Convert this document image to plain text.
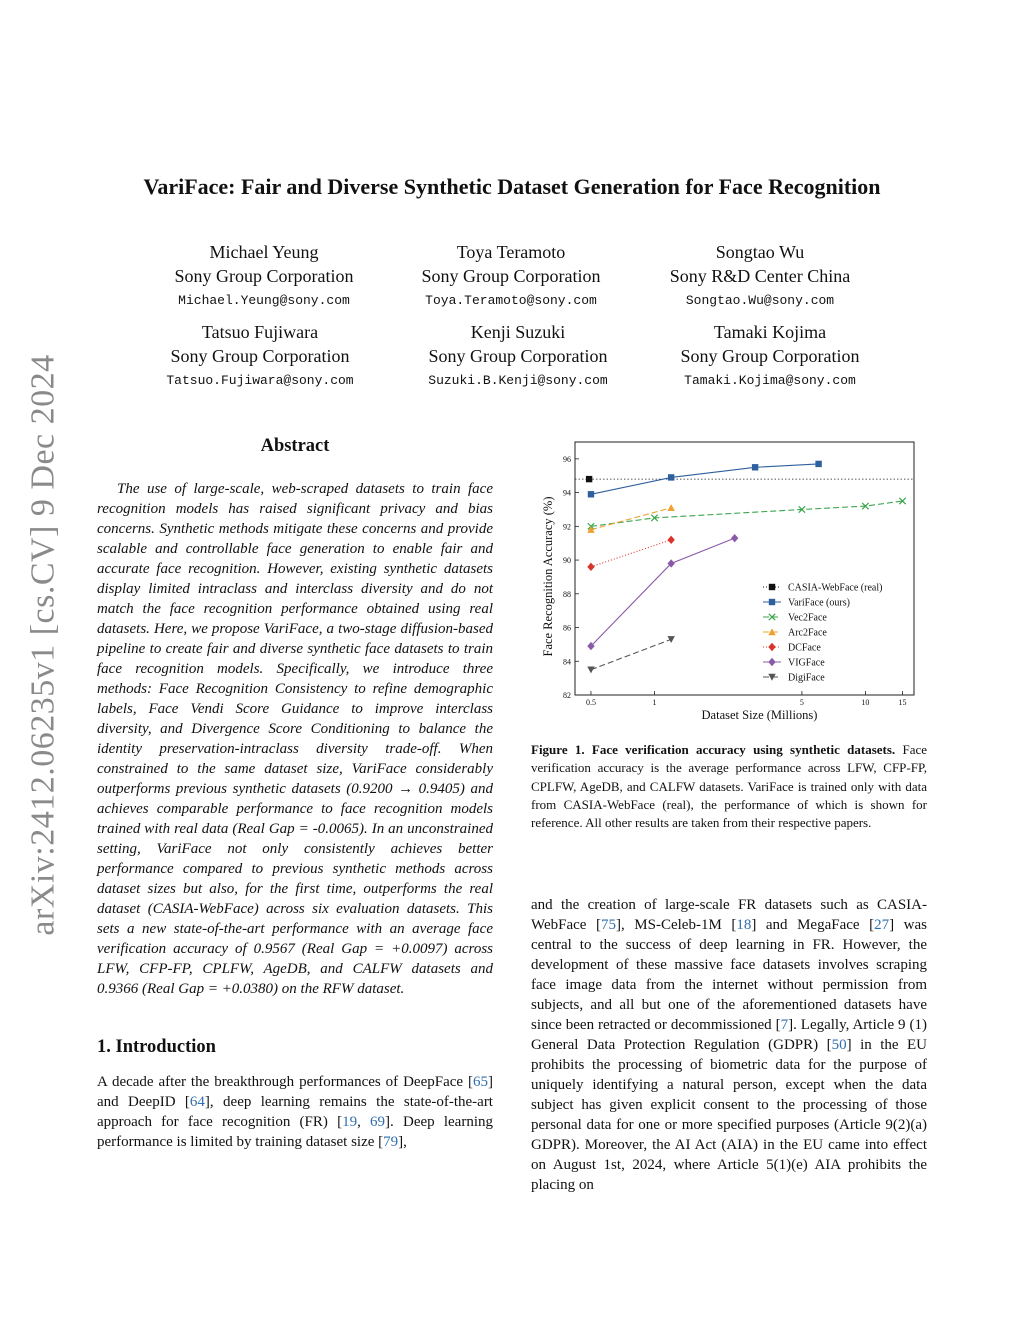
arXiv:2412.06235v1 [cs.CV] 9 Dec 2024
VariFace: Fair and Diverse Synthetic Dataset Generation for Face Recognition
Michael Yeung
Sony Group Corporation
Michael.Yeung@sony.com
Toya Teramoto
Sony Group Corporation
Toya.Teramoto@sony.com
Songtao Wu
Sony R&D Center China
Songtao.Wu@sony.com
Tatsuo Fujiwara
Sony Group Corporation
Tatsuo.Fujiwara@sony.com
Kenji Suzuki
Sony Group Corporation
Suzuki.B.Kenji@sony.com
Tamaki Kojima
Sony Group Corporation
Tamaki.Kojima@sony.com
Abstract

The use of large-scale, web-scraped datasets to train face recognition models has raised significant privacy and bias concerns. Synthetic methods mitigate these concerns and provide scalable and controllable face generation to enable fair and accurate face recognition. However, existing synthetic datasets display limited intraclass and interclass diversity and do not match the face recognition performance obtained using real datasets. Here, we propose VariFace, a two-stage diffusion-based pipeline to create fair and diverse synthetic face datasets to train face recognition models. Specifically, we introduce three methods: Face Recognition Consistency to refine demographic labels, Face Vendi Score Guidance to improve interclass diversity, and Divergence Score Conditioning to balance the identity preservation-intraclass diversity trade-off. When constrained to the same dataset size, VariFace considerably outperforms previous synthetic datasets (0.9200 → 0.9405) and achieves comparable performance to face recognition models trained with real data (Real Gap = -0.0065). In an unconstrained setting, VariFace not only consistently achieves better performance compared to previous synthetic methods across dataset sizes but also, for the first time, outperforms the real dataset (CASIA-WebFace) across six evaluation datasets. This sets a new state-of-the-art performance with an average face verification accuracy of 0.9567 (Real Gap = +0.0097) across LFW, CFP-FP, CPLFW, AgeDB, and CALFW datasets and 0.9366 (Real Gap = +0.0380) on the RFW dataset.

1. Introduction

A decade after the breakthrough performances of DeepFace [65] and DeepID [64], deep learning remains the state-of-the-art approach for face recognition (FR) [19, 69]. Deep learning performance is limited by training dataset size [79],

82
84
86
88
90
92
94
96
0.5	1	5	10	15
Dataset Size (Millions)
Face Recognition Accuracy (%)	CASIA-WebFace (real)
VariFace (ours)
Vec2Face
Arc2Face
DCFace
VIGFace
DigiFace
Figure 1. Face verification accuracy using synthetic datasets. Face verification accuracy is the average performance across LFW, CFP-FP, CPLFW, AgeDB, and CALFW datasets. VariFace is trained only with data from CASIA-WebFace (real), the performance of which is shown for reference. All other results are taken from their respective papers.

and the creation of large-scale FR datasets such as CASIA-WebFace [75], MS-Celeb-1M [18] and MegaFace [27] was central to the success of deep learning in FR. However, the development of these massive face datasets involves scraping face image data from the internet without permission from subjects, and all but one of the aforementioned datasets have since been retracted or decommissioned [7]. Legally, Article 9 (1) General Data Protection Regulation (GDPR) [50] in the EU prohibits the processing of biometric data for the purpose of uniquely identifying a natural person, except when the data subject has given explicit consent to the processing of those personal data for one or more specified purposes (Article 9(2)(a) GDPR). Moreover, the AI Act (AIA) in the EU came into effect on August 1st, 2024, where Article 5(1)(e) AIA prohibits the placing on
